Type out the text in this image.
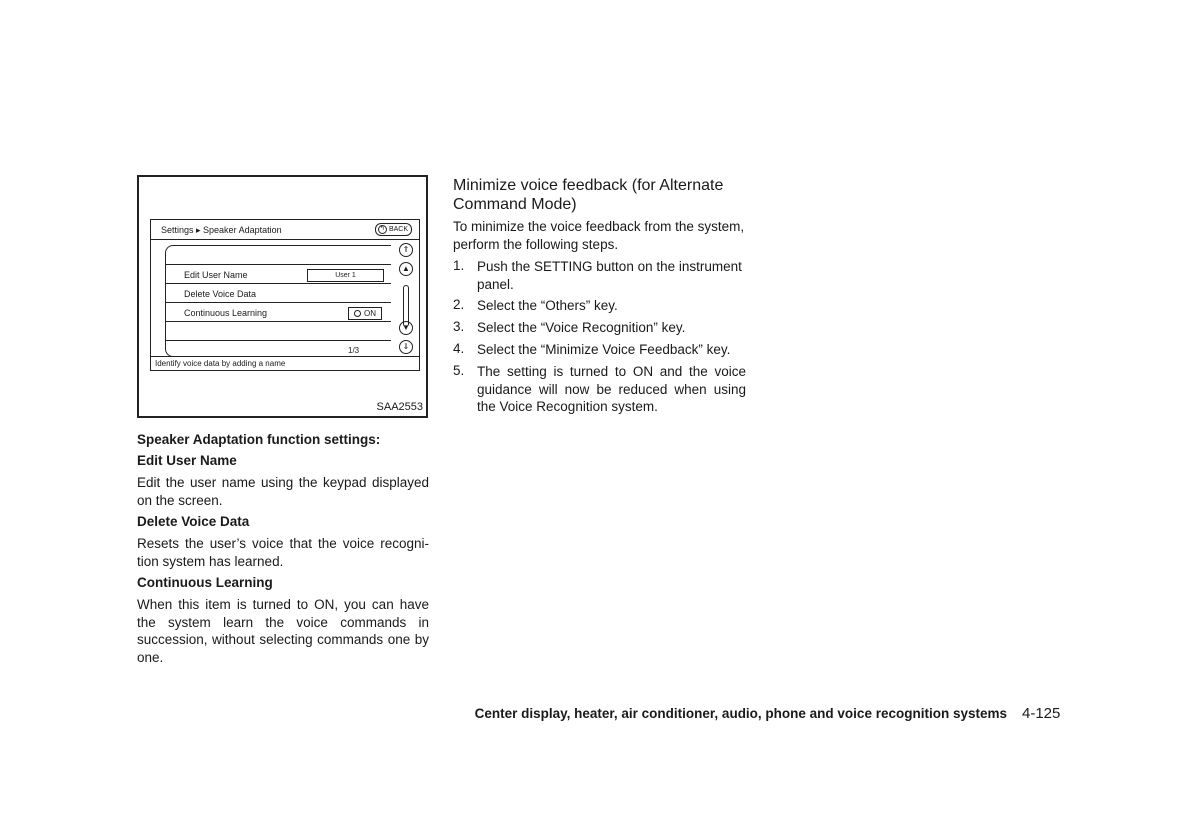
Settings ▸ Speaker Adaptation	↰ BACK
Edit User Name	User 1
Delete Voice Data
Continuous Learning	ON
1/3
⇑
▲
▼
⇓
Identify voice data by adding a name
SAA2553
Speaker Adaptation function settings:
Edit User Name
Edit the user name using the keypad displayed on the screen.
Delete Voice Data
Resets the user’s voice that the voice recogni-tion system has learned.
Continuous Learning
When this item is turned to ON, you can have the system learn the voice commands in succession, without selecting commands one by one.
Minimize voice feedback (for Alternate Command Mode)
To minimize the voice feedback from the system, perform the following steps.
1. Push the SETTING button on the instrument panel.
2. Select the “Others” key.
3. Select the “Voice Recognition” key.
4. Select the “Minimize Voice Feedback” key.
5. The setting is turned to ON and the voice guidance will now be reduced when using the Voice Recognition system.
Center display, heater, air conditioner, audio, phone and voice recognition systems 4-125
